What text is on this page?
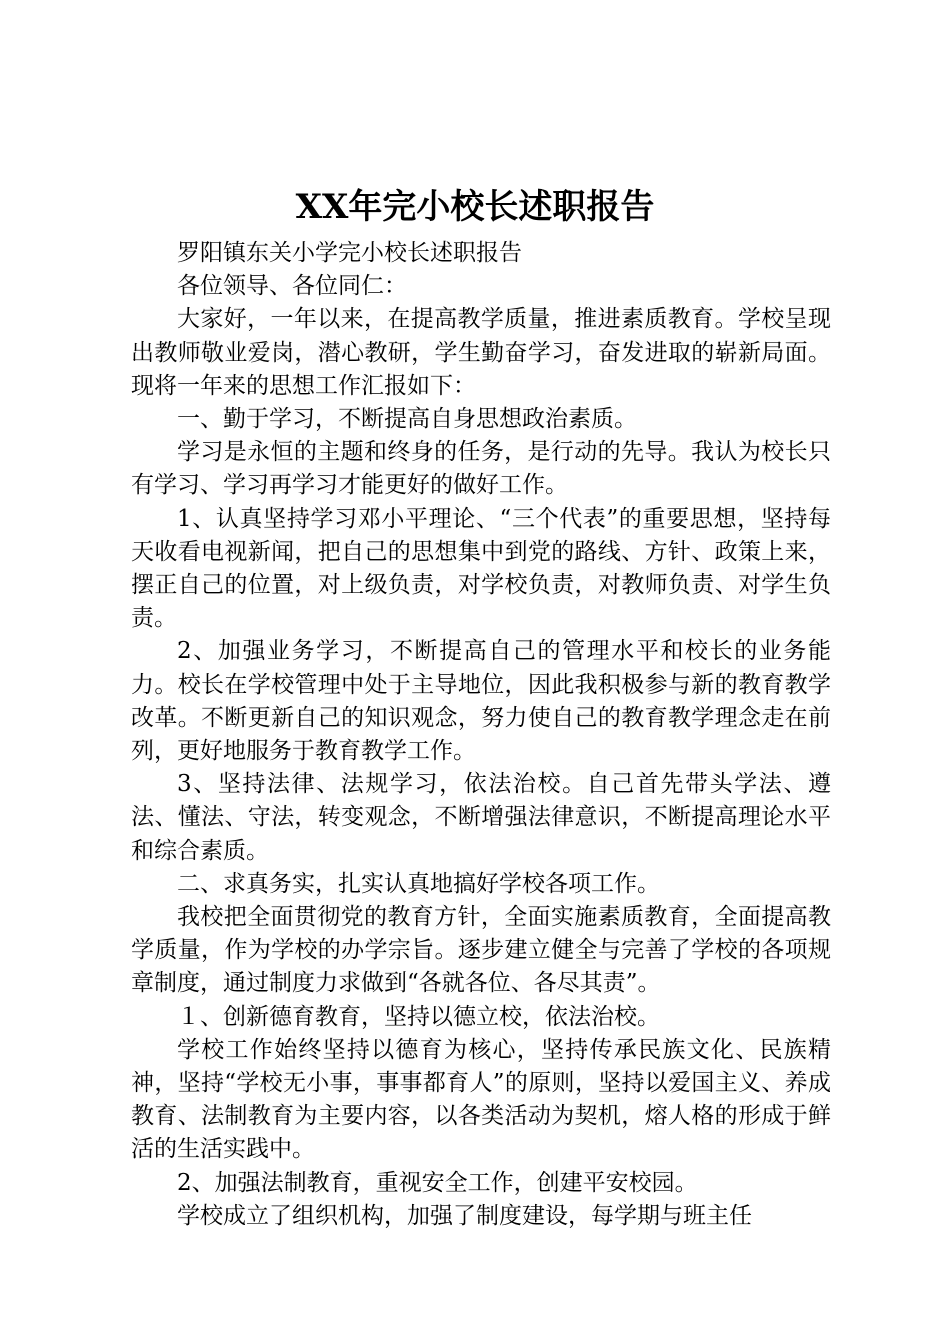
XX年完小校长述职报告

罗阳镇东关小学完小校长述职报告

各位领导、各位同仁：

大家好，一年以来，在提高教学质量，推进素质教育。学校呈现出教师敬业爱岗，潜心教研，学生勤奋学习，奋发进取的崭新局面。现将一年来的思想工作汇报如下：

一、勤于学习，不断提高自身思想政治素质。

学习是永恒的主题和终身的任务，是行动的先导。我认为校长只有学习、学习再学习才能更好的做好工作。

1、认真坚持学习邓小平理论、“三个代表”的重要思想，坚持每天收看电视新闻，把自己的思想集中到党的路线、方针、政策上来，摆正自己的位置，对上级负责，对学校负责，对教师负责、对学生负责。

2、加强业务学习，不断提高自己的管理水平和校长的业务能力。校长在学校管理中处于主导地位，因此我积极参与新的教育教学改革。不断更新自己的知识观念，努力使自己的教育教学理念走在前列，更好地服务于教育教学工作。

3、坚持法律、法规学习，依法治校。自己首先带头学法、遵法、懂法、守法，转变观念，不断增强法律意识，不断提高理论水平和综合素质。

二、求真务实，扎实认真地搞好学校各项工作。

我校把全面贯彻党的教育方针，全面实施素质教育，全面提高教学质量，作为学校的办学宗旨。逐步建立健全与完善了学校的各项规章制度，通过制度力求做到“各就各位、各尽其责”。

１、创新德育教育，坚持以德立校，依法治校。

学校工作始终坚持以德育为核心，坚持传承民族文化、民族精神，坚持“学校无小事，事事都育人”的原则，坚持以爱国主义、养成教育、法制教育为主要内容，以各类活动为契机，熔人格的形成于鲜活的生活实践中。

2、加强法制教育，重视安全工作，创建平安校园。

学校成立了组织机构，加强了制度建设，每学期与班主任
